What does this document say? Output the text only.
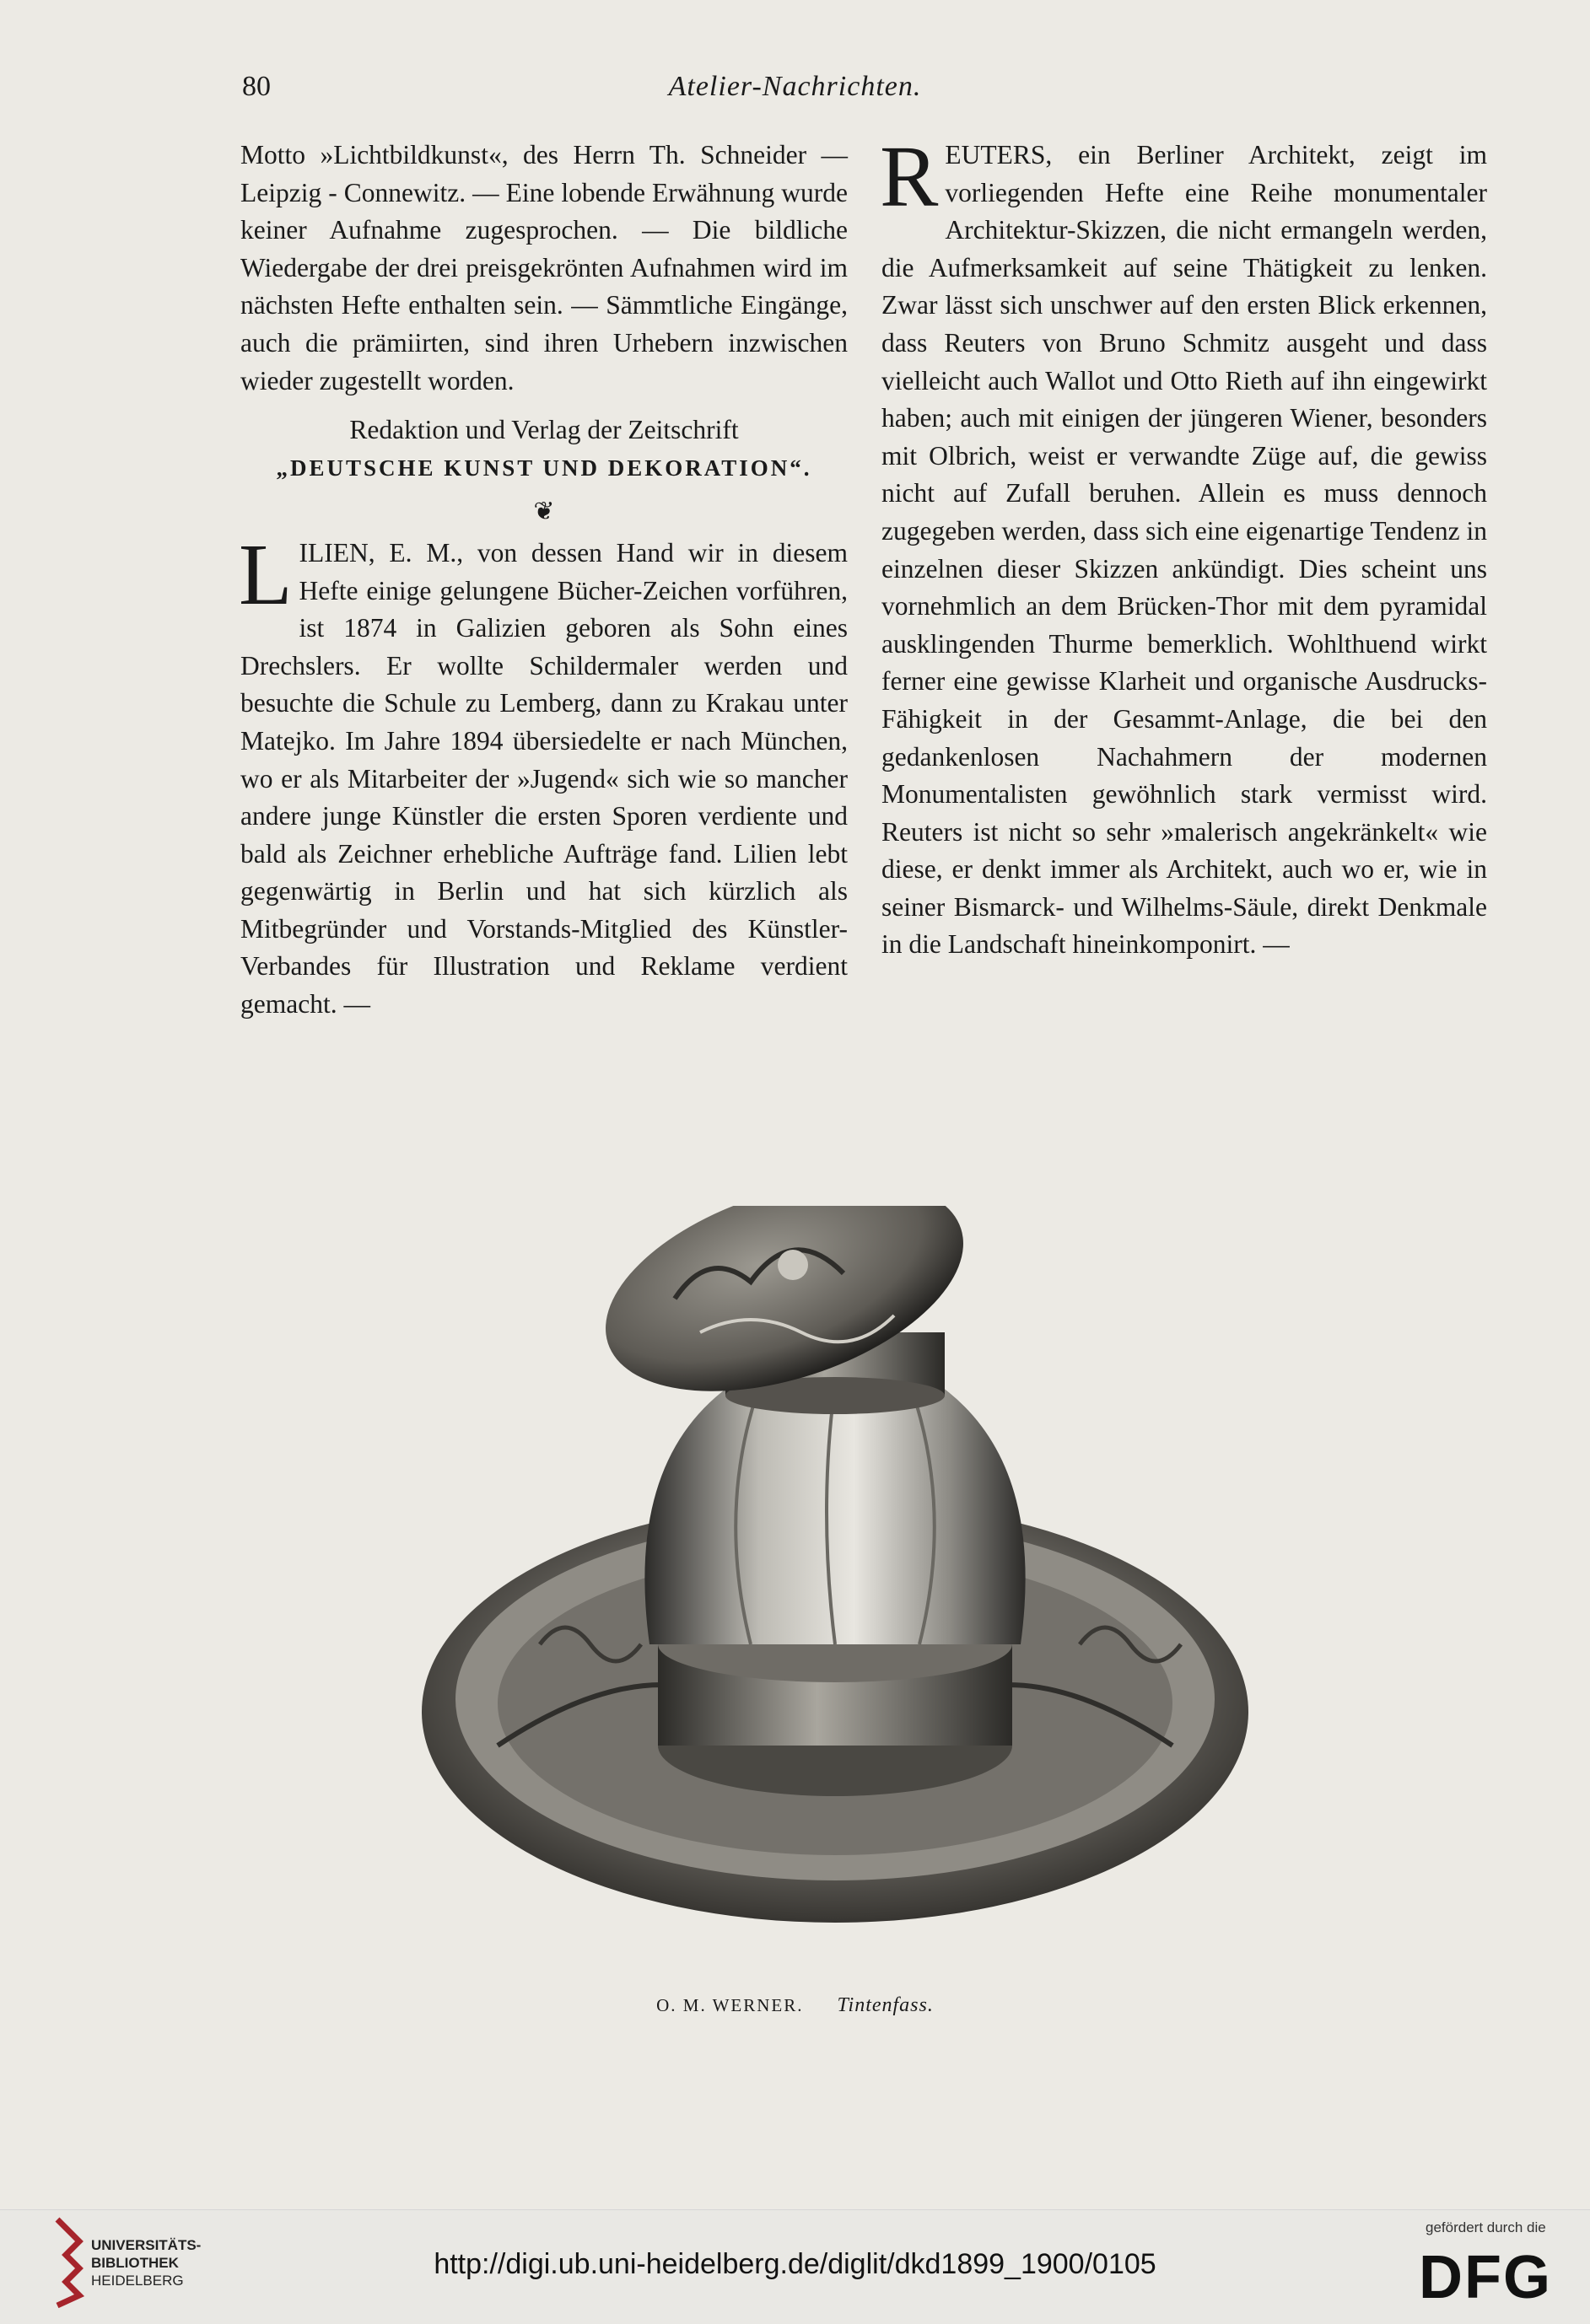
80	Atelier-Nachrichten.

Motto »Lichtbildkunst«, des Herrn Th. Schneider — Leipzig - Connewitz. — Eine lobende Erwähnung wurde keiner Aufnahme zugesprochen. — Die bildliche Wiedergabe der drei preisgekrönten Aufnahmen wird im nächsten Hefte enthalten sein. — Sämmtliche Eingänge, auch die prämiirten, sind ihren Urhebern inzwischen wieder zugestellt worden.

Redaktion und Verlag der Zeitschrift

„DEUTSCHE KUNST UND DEKORATION“.

❦

LILIEN, E. M., von dessen Hand wir in diesem Hefte einige gelungene Bücher-Zeichen vorführen, ist 1874 in Galizien geboren als Sohn eines Drechslers. Er wollte Schildermaler werden und besuchte die Schule zu Lemberg, dann zu Krakau unter Matejko. Im Jahre 1894 übersiedelte er nach München, wo er als Mitarbeiter der »Jugend« sich wie so mancher andere junge Künstler die ersten Sporen verdiente und bald als Zeichner erhebliche Aufträge fand. Lilien lebt gegenwärtig in Berlin und hat sich kürzlich als Mitbegründer und Vorstands-Mitglied des Künstler-Verbandes für Illustration und Reklame verdient gemacht. —

REUTERS, ein Berliner Architekt, zeigt im vorliegenden Hefte eine Reihe monumentaler Architektur-Skizzen, die nicht ermangeln werden, die Aufmerksamkeit auf seine Thätigkeit zu lenken. Zwar lässt sich unschwer auf den ersten Blick erkennen, dass Reuters von Bruno Schmitz ausgeht und dass vielleicht auch Wallot und Otto Rieth auf ihn eingewirkt haben; auch mit einigen der jüngeren Wiener, besonders mit Olbrich, weist er verwandte Züge auf, die gewiss nicht auf Zufall beruhen. Allein es muss dennoch zugegeben werden, dass sich eine eigenartige Tendenz in einzelnen dieser Skizzen ankündigt. Dies scheint uns vornehmlich an dem Brücken-Thor mit dem pyramidal ausklingenden Thurme bemerklich. Wohlthuend wirkt ferner eine gewisse Klarheit und organische Ausdrucks-Fähigkeit in der Gesammt-Anlage, die bei den gedankenlosen Nachahmern der modernen Monumentalisten gewöhnlich stark vermisst wird. Reuters ist nicht so sehr »malerisch angekränkelt« wie diese, er denkt immer als Architekt, auch wo er, wie in seiner Bismarck- und Wilhelms-Säule, direkt Denkmale in die Landschaft hineinkomponirt. —

O. M. WERNER. Tintenfass.
UNIVERSITÄTS-
BIBLIOTHEK
HEIDELBERG
http://digi.ub.uni-heidelberg.de/diglit/dkd1899_1900/0105
gefördert durch die
DFG
